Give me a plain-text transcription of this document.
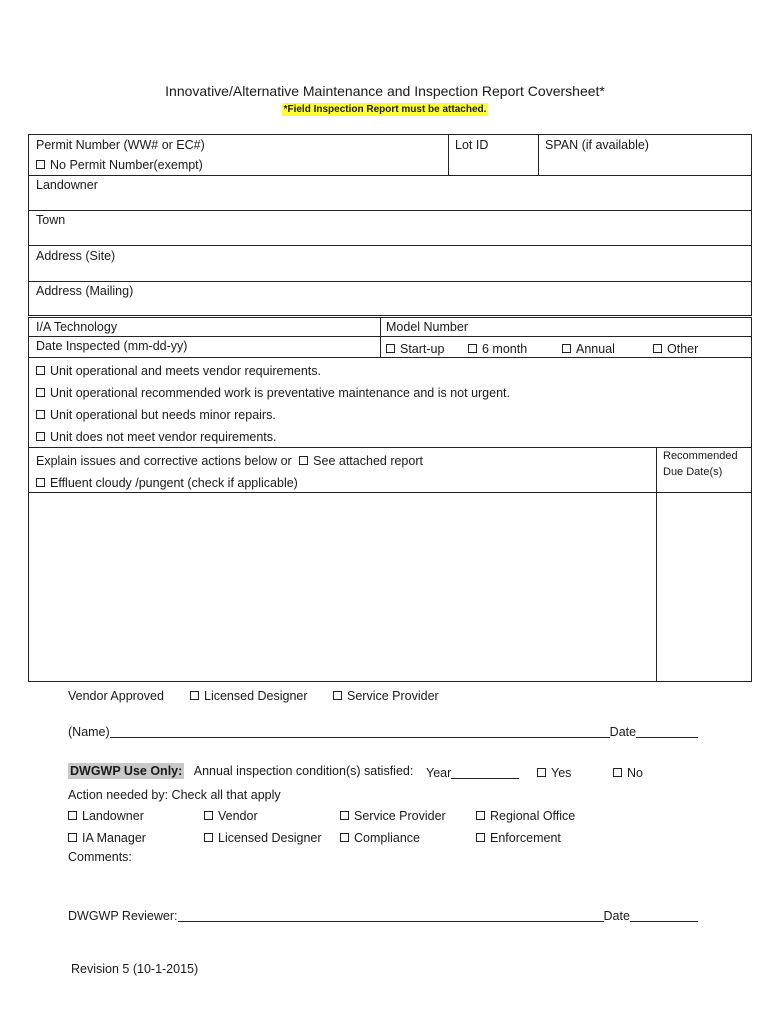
Innovative/Alternative Maintenance and Inspection Report Coversheet*
*Field Inspection Report must be attached.
Permit Number (WW# or EC#)
No Permit Number(exempt)
Lot ID	SPAN (if available)
Landowner
Town
Address (Site)
Address (Mailing)
I/A Technology	Model Number
Date Inspected (mm-dd-yy)	Start-up	6 month	Annual	Other
Unit operational and meets vendor requirements.
Unit operational recommended work is preventative maintenance and is not urgent.
Unit operational but needs minor repairs.
Unit does not meet vendor requirements.
Explain issues and corrective actions below or See attached report
Effluent cloudy /pungent (check if applicable)
Recommended
Due Date(s)
Vendor Approved	Licensed Designer	Service Provider
(Name)	Date
DWGWP Use Only: Annual inspection condition(s) satisfied: Year	Yes	No
Action needed by: Check all that apply
Landowner	Vendor	Service Provider	Regional Office
IA Manager	Licensed Designer	Compliance	Enforcement
Comments:
DWGWP Reviewer:	Date
Revision 5 (10-1-2015)
